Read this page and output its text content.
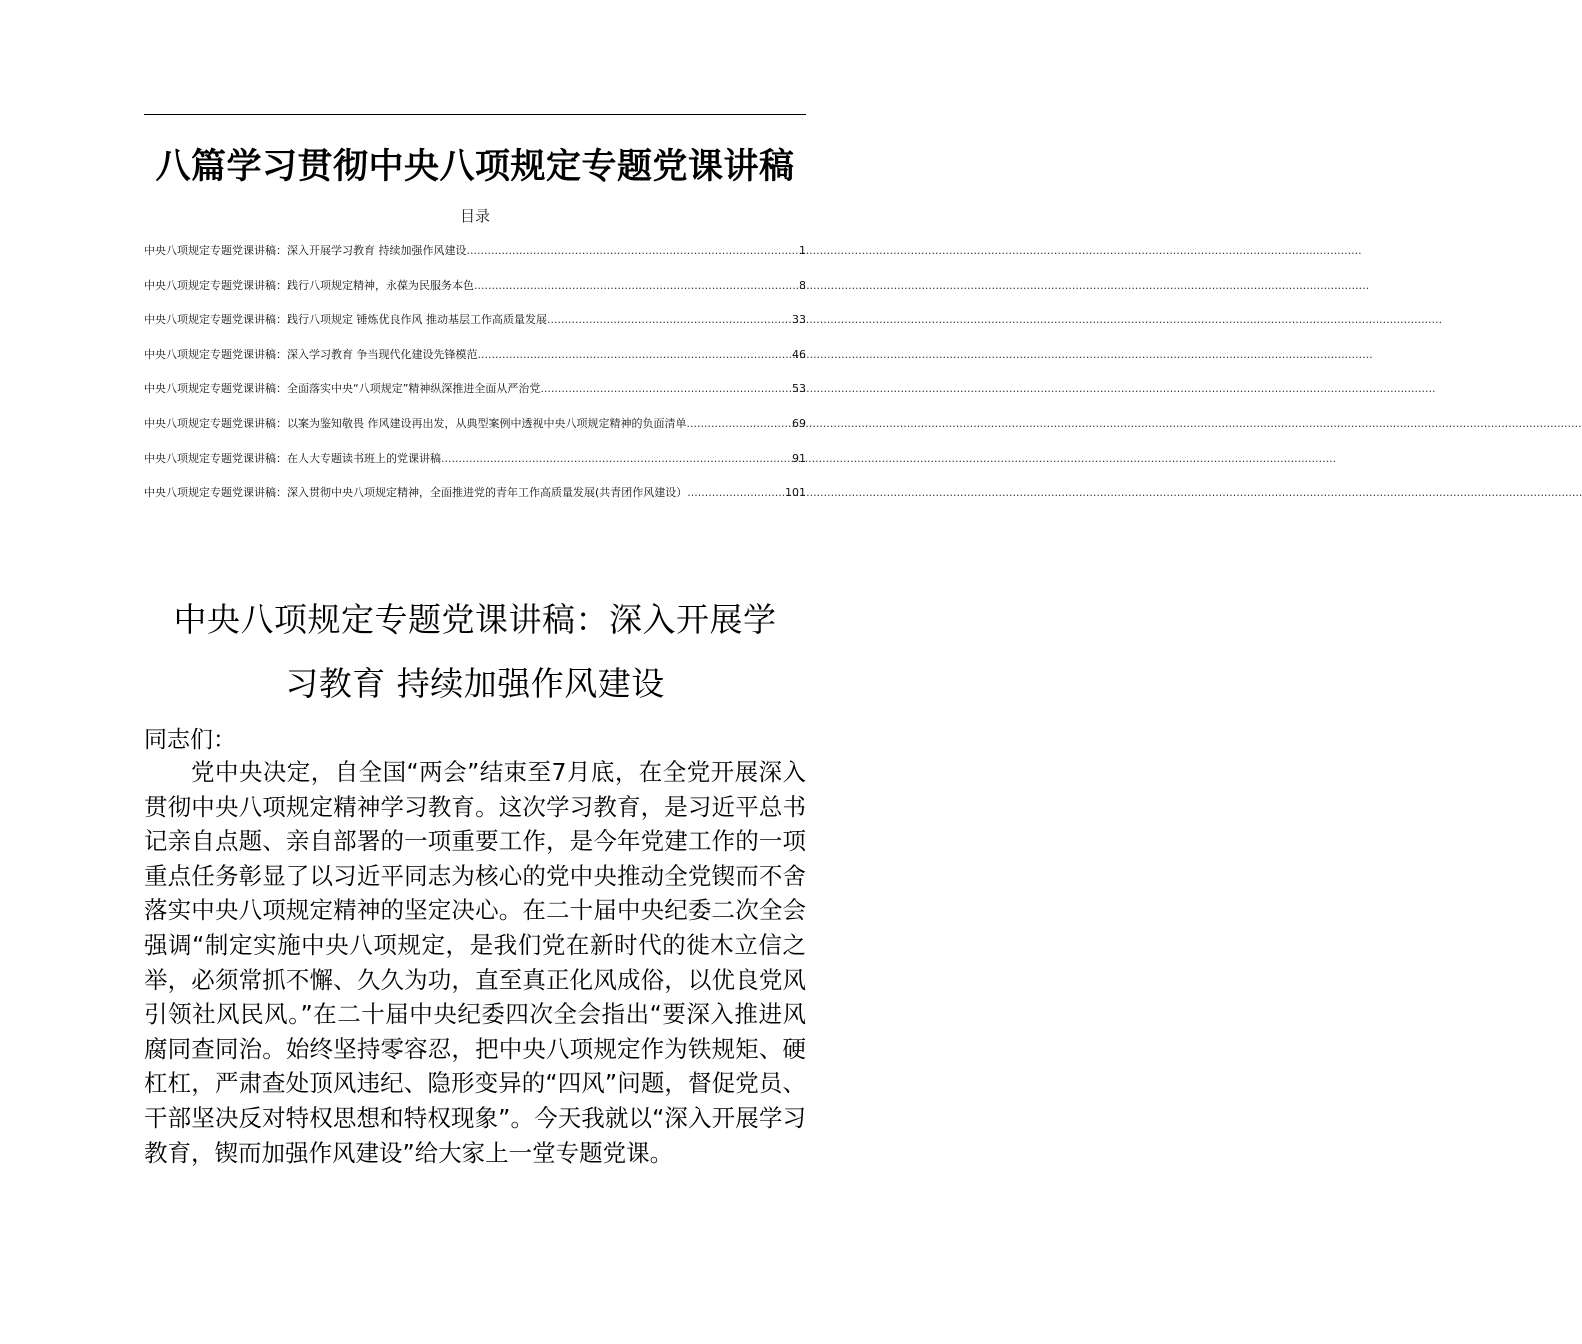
八篇学习贯彻中央八项规定专题党课讲稿
目录
中央八项规定专题党课讲稿：深入开展学习教育 持续加强作风建设 .....	1
中央八项规定专题党课讲稿：践行八项规定精神，永葆为民服务本色 .....	8
中央八项规定专题党课讲稿：践行八项规定 锤炼优良作风 推动基层工作高质量发展 .....	33
中央八项规定专题党课讲稿：深入学习教育 争当现代化建设先锋模范 .....	46
中央八项规定专题党课讲稿：全面落实中央“八项规定”精神纵深推进全面从严治党 .....	53
中央八项规定专题党课讲稿：以案为鉴知敬畏 作风建设再出发，从典型案例中透视中央八项规定精神的负面清单 .....	69
中央八项规定专题党课讲稿：在人大专题读书班上的党课讲稿 .....	91
中央八项规定专题党课讲稿：深入贯彻中央八项规定精神，全面推进党的青年工作高质量发展(共青团作风建设） .....	101
中央八项规定专题党课讲稿：深入开展学
习教育 持续加强作风建设
同志们：

党中央决定，自全国“两会”结束至7月底，在全党开展深入贯彻中央八项规定精神学习教育。这次学习教育，是习近平总书记亲自点题、亲自部署的一项重要工作，是今年党建工作的一项重点任务彰显了以习近平同志为核心的党中央推动全党锲而不舍落实中央八项规定精神的坚定决心。在二十届中央纪委二次全会强调“制定实施中央八项规定，是我们党在新时代的徙木立信之举，必须常抓不懈、久久为功，直至真正化风成俗，以优良党风引领社风民风。”在二十届中央纪委四次全会指出“要深入推进风腐同查同治。始终坚持零容忍，把中央八项规定作为铁规矩、硬杠杠，严肃查处顶风违纪、隐形变异的“四风”问题，督促党员、干部坚决反对特权思想和特权现象”。今天我就以“深入开展学习教育，锲而加强作风建设”给大家上一堂专题党课。
